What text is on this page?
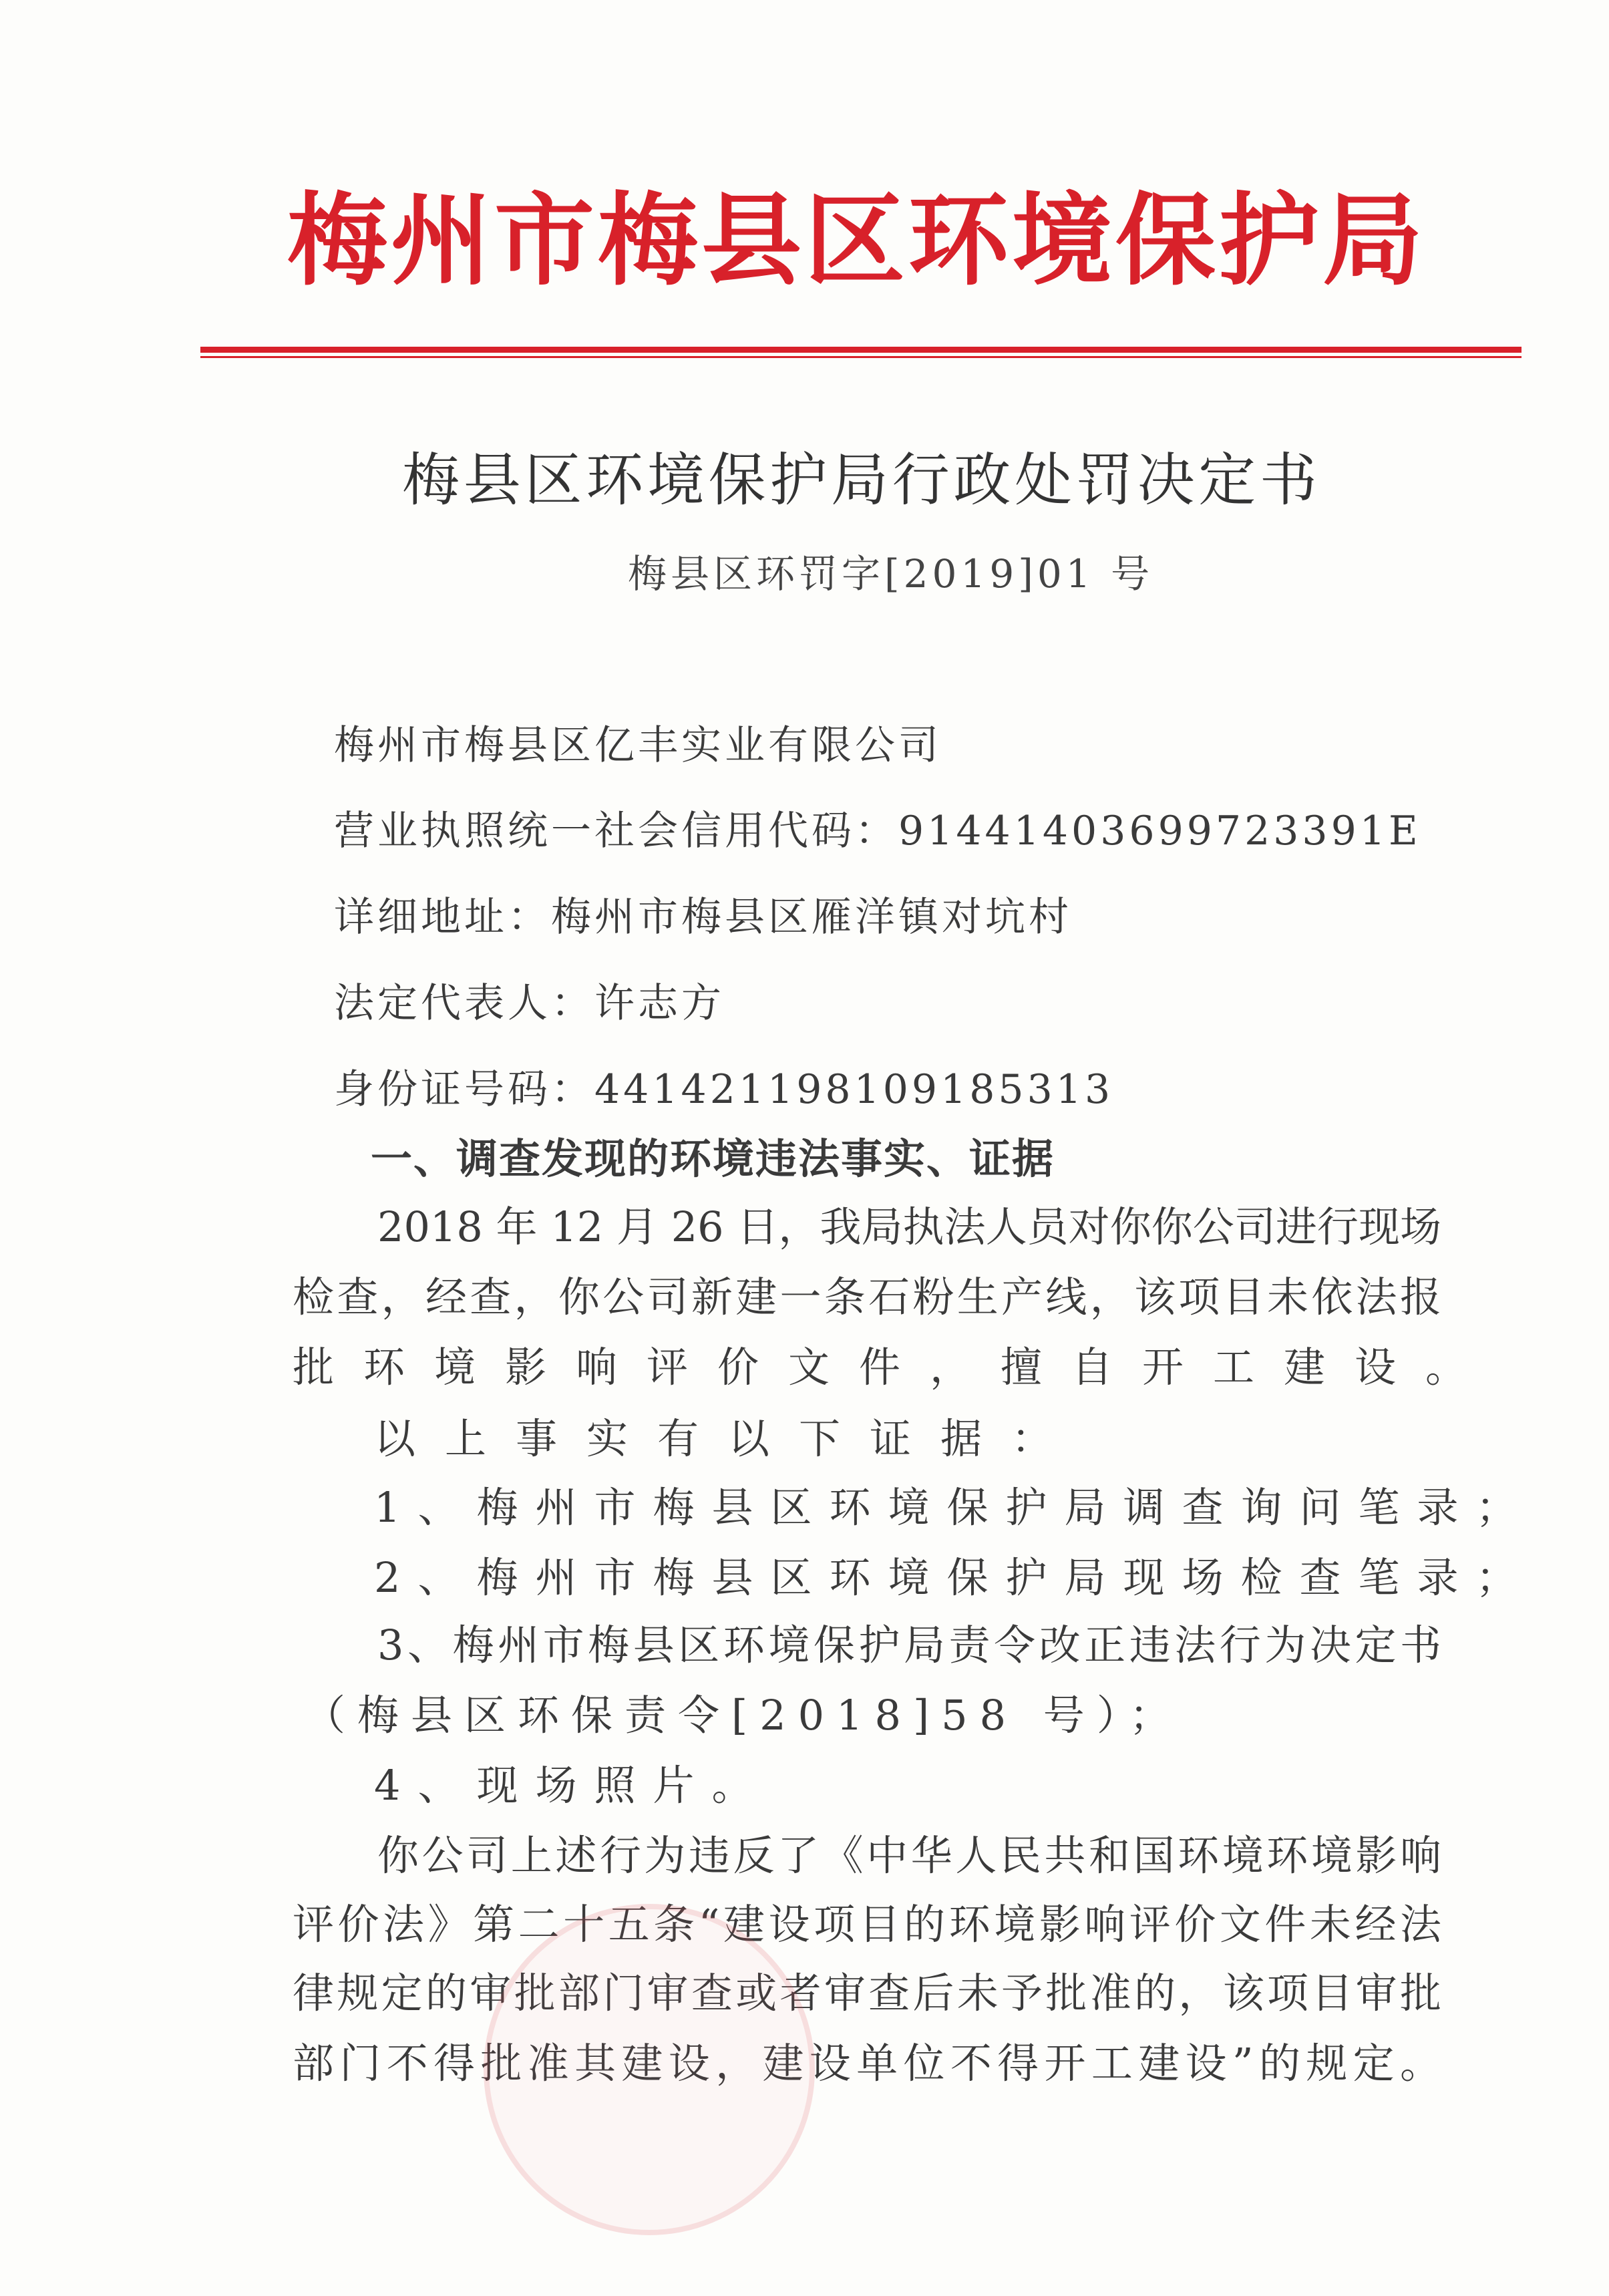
梅州市梅县区环境保护局
梅县区环境保护局行政处罚决定书
梅县区环罚字[2019]01 号
梅州市梅县区亿丰实业有限公司
营业执照统一社会信用代码：91441403699723391E
详细地址：梅州市梅县区雁洋镇对坑村
法定代表人：许志方
身份证号码：441421198109185313
一、调查发现的环境违法事实、证据
2018 年 12 月 26 日，我局执法人员对你你公司进行现场
检查，经查，你公司新建一条石粉生产线，该项目未依法报
批环境影响评价文件，擅自开工建设。
以上事实有以下证据：
1、梅州市梅县区环境保护局调查询问笔录；
2、梅州市梅县区环境保护局现场检查笔录；
3、梅州市梅县区环境保护局责令改正违法行为决定书
（梅县区环保责令[2018]58 号）；
4、现场照片。
你公司上述行为违反了《中华人民共和国环境环境影响
评价法》第二十五条“建设项目的环境影响评价文件未经法
律规定的审批部门审查或者审查后未予批准的，该项目审批
部门不得批准其建设，建设单位不得开工建设”的规定。
